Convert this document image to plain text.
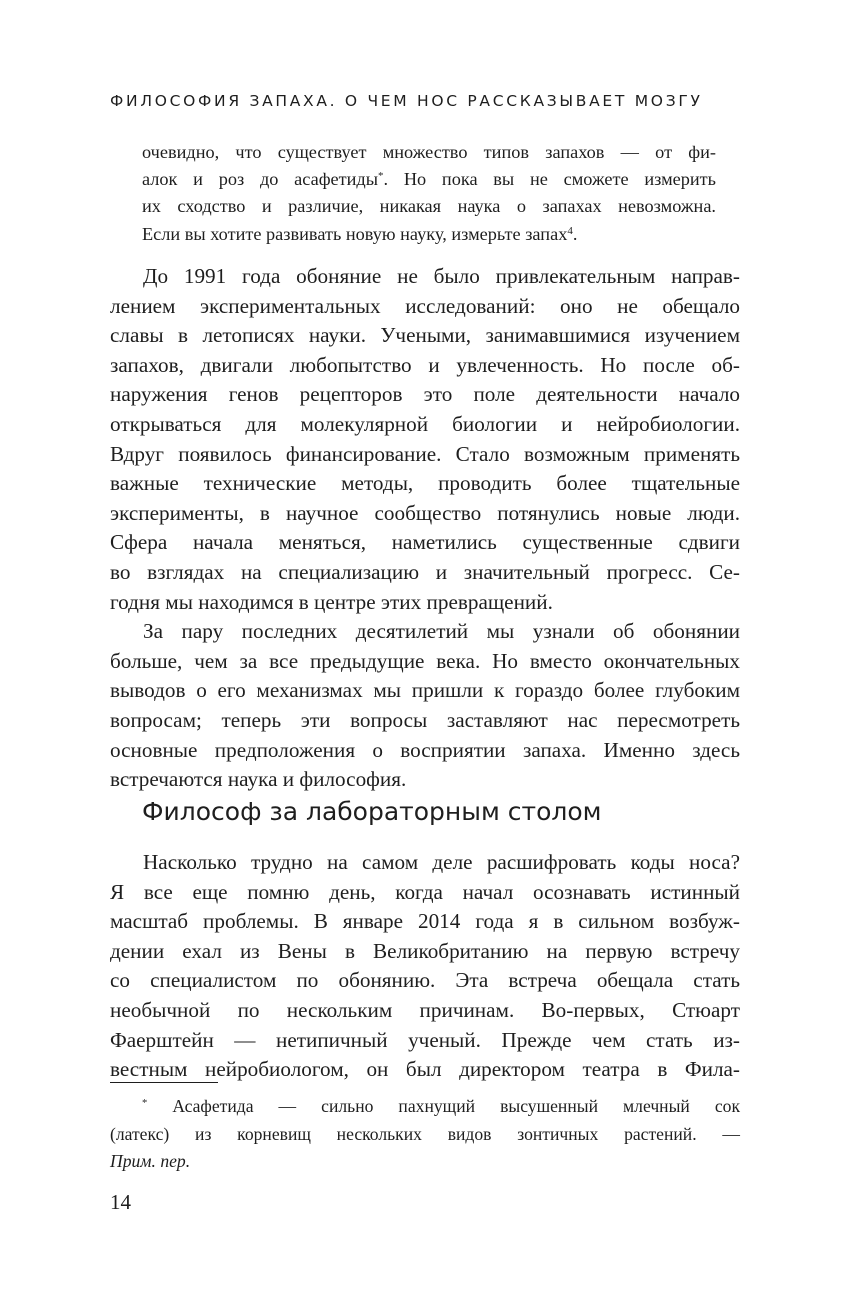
ФИЛОСОФИЯ ЗАПАХА. О ЧЕМ НОС РАССКАЗЫВАЕТ МОЗГУ
очевидно, что существует множество типов запахов — от фи-
алок и роз до асафетиды*. Но пока вы не сможете измерить
их сходство и различие, никакая наука о запахах невозможна.
Если вы хотите развивать новую науку, измерьте запах$^4$.
До 1991 года обоняние не было привлекательным направ-
лением экспериментальных исследований: оно не обещало
славы в летописях науки. Учеными, занимавшимися изучением
запахов, двигали любопытство и увлеченность. Но после об-
наружения генов рецепторов это поле деятельности начало
открываться для молекулярной биологии и нейробиологии.
Вдруг появилось финансирование. Стало возможным применять
важные технические методы, проводить более тщательные
эксперименты, в научное сообщество потянулись новые люди.
Сфера начала меняться, наметились существенные сдвиги
во взглядах на специализацию и значительный прогресс. Се-
годня мы находимся в центре этих превращений.
За пару последних десятилетий мы узнали об обонянии
больше, чем за все предыдущие века. Но вместо окончательных
выводов о его механизмах мы пришли к гораздо более глубоким
вопросам; теперь эти вопросы заставляют нас пересмотреть
основные предположения о восприятии запаха. Именно здесь
встречаются наука и философия.
Философ за лабораторным столом
Насколько трудно на самом деле расшифровать коды носа?
Я все еще помню день, когда начал осознавать истинный
масштаб проблемы. В январе 2014 года я в сильном возбуж-
дении ехал из Вены в Великобританию на первую встречу
со специалистом по обонянию. Эта встреча обещала стать
необычной по нескольким причинам. Во-первых, Стюарт
Фаерштейн — нетипичный ученый. Прежде чем стать из-
вестным нейробиологом, он был директором театра в Фила-
* Асафетида — сильно пахнущий высушенный млечный сок
(латекс) из корневищ нескольких видов зонтичных растений. —
Прим. пер.
14
